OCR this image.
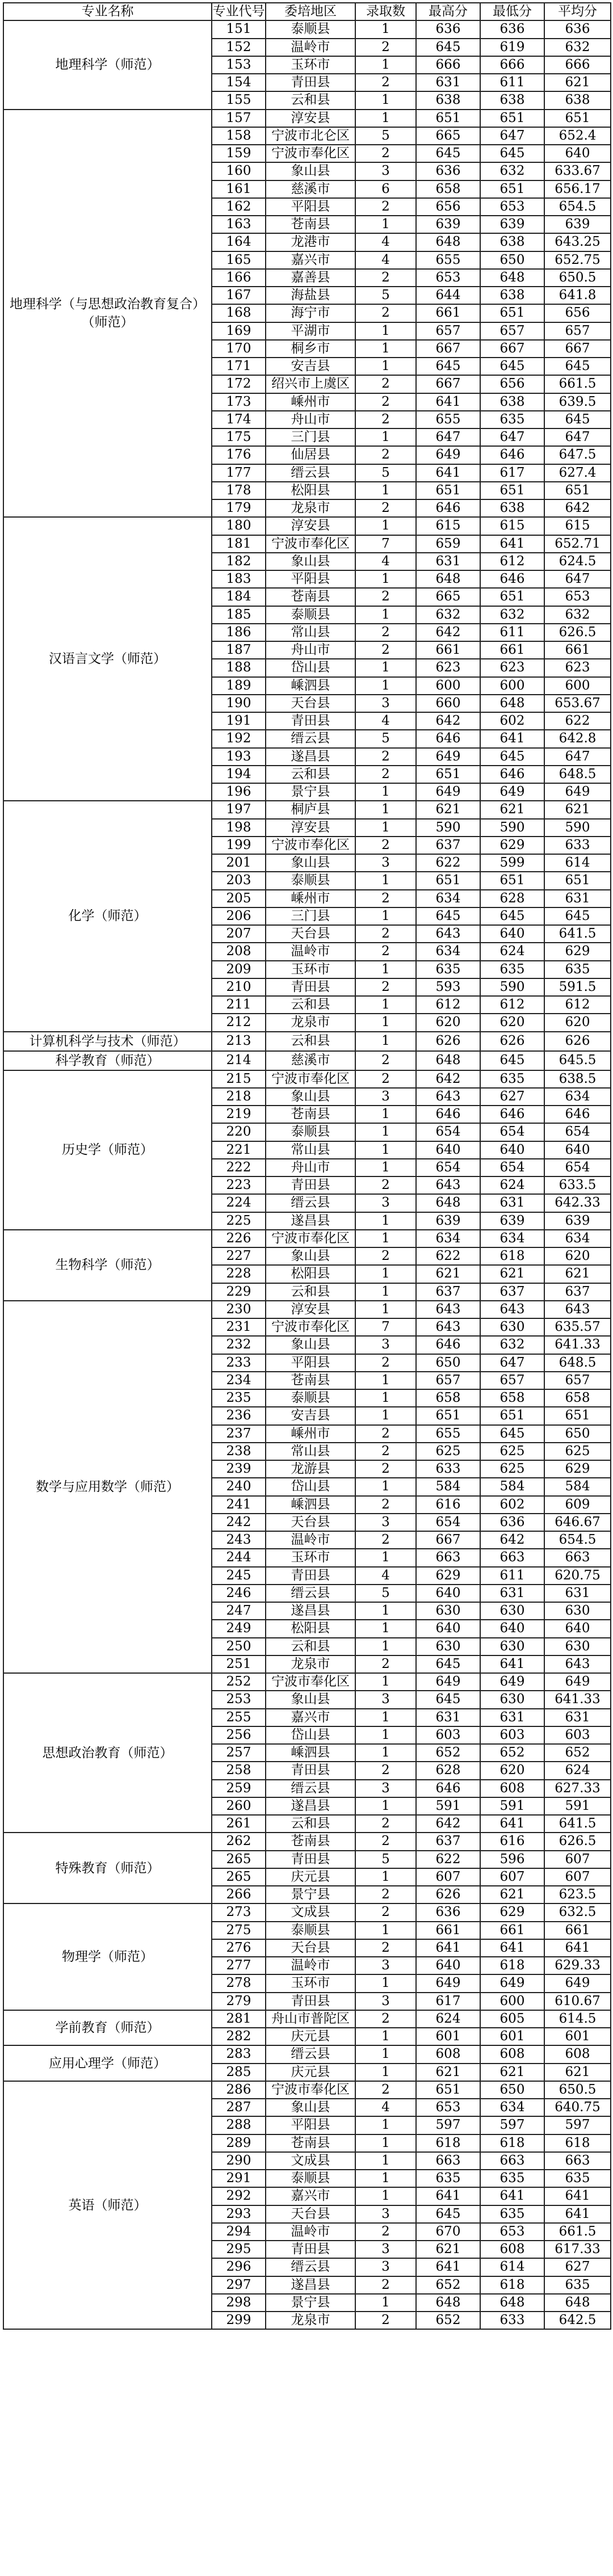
专业名称	专业代号	委培地区	录取数	最高分	最低分	平均分
地理科学（师范）	151	泰顺县	1	636	636	636
	152	温岭市	2	645	619	632
	153	玉环市	1	666	666	666
	154	青田县	2	631	611	621
	155	云和县	1	638	638	638
地理科学（与思想政治教育复合）（师范）	157	淳安县	1	651	651	651
	158	宁波市北仑区	5	665	647	652.4
	159	宁波市奉化区	2	645	645	640
	160	象山县	3	636	632	633.67
	161	慈溪市	6	658	651	656.17
	162	平阳县	2	656	653	654.5
	163	苍南县	1	639	639	639
	164	龙港市	4	648	638	643.25
	165	嘉兴市	4	655	650	652.75
	166	嘉善县	2	653	648	650.5
	167	海盐县	5	644	638	641.8
	168	海宁市	2	661	651	656
	169	平湖市	1	657	657	657
	170	桐乡市	1	667	667	667
	171	安吉县	1	645	645	645
	172	绍兴市上虞区	2	667	656	661.5
	173	嵊州市	2	641	638	639.5
	174	舟山市	2	655	635	645
	175	三门县	1	647	647	647
	176	仙居县	2	649	646	647.5
	177	缙云县	5	641	617	627.4
	178	松阳县	1	651	651	651
	179	龙泉市	2	646	638	642
汉语言文学（师范）	180	淳安县	1	615	615	615
	181	宁波市奉化区	7	659	641	652.71
	182	象山县	4	631	612	624.5
	183	平阳县	1	648	646	647
	184	苍南县	2	665	651	653
	185	泰顺县	1	632	632	632
	186	常山县	2	642	611	626.5
	187	舟山市	2	661	661	661
	188	岱山县	1	623	623	623
	189	嵊泗县	1	600	600	600
	190	天台县	3	660	648	653.67
	191	青田县	4	642	602	622
	192	缙云县	5	646	641	642.8
	193	遂昌县	2	649	645	647
	194	云和县	2	651	646	648.5
	196	景宁县	1	649	649	649
化学（师范）	197	桐庐县	1	621	621	621
	198	淳安县	1	590	590	590
	199	宁波市奉化区	2	637	629	633
	201	象山县	3	622	599	614
	203	泰顺县	1	651	651	651
	205	嵊州市	2	634	628	631
	206	三门县	1	645	645	645
	207	天台县	2	643	640	641.5
	208	温岭市	2	634	624	629
	209	玉环市	1	635	635	635
	210	青田县	2	593	590	591.5
	211	云和县	1	612	612	612
	212	龙泉市	1	620	620	620
计算机科学与技术（师范）	213	云和县	1	626	626	626
科学教育（师范）	214	慈溪市	2	648	645	645.5
历史学（师范）	215	宁波市奉化区	2	642	635	638.5
	218	象山县	3	643	627	634
	219	苍南县	1	646	646	646
	220	泰顺县	1	654	654	654
	221	常山县	1	640	640	640
	222	舟山市	1	654	654	654
	223	青田县	2	643	624	633.5
	224	缙云县	3	648	631	642.33
	225	遂昌县	1	639	639	639
生物科学（师范）	226	宁波市奉化区	1	634	634	634
	227	象山县	2	622	618	620
	228	松阳县	1	621	621	621
	229	云和县	1	637	637	637
数学与应用数学（师范）	230	淳安县	1	643	643	643
	231	宁波市奉化区	7	643	630	635.57
	232	象山县	3	646	632	641.33
	233	平阳县	2	650	647	648.5
	234	苍南县	1	657	657	657
	235	泰顺县	1	658	658	658
	236	安吉县	1	651	651	651
	237	嵊州市	2	655	645	650
	238	常山县	2	625	625	625
	239	龙游县	2	633	625	629
	240	岱山县	1	584	584	584
	241	嵊泗县	2	616	602	609
	242	天台县	3	654	636	646.67
	243	温岭市	2	667	642	654.5
	244	玉环市	1	663	663	663
	245	青田县	4	629	611	620.75
	246	缙云县	5	640	631	631
	247	遂昌县	1	630	630	630
	249	松阳县	1	640	640	640
	250	云和县	1	630	630	630
	251	龙泉市	2	645	641	643
思想政治教育（师范）	252	宁波市奉化区	1	649	649	649
	253	象山县	3	645	630	641.33
	255	嘉兴市	1	631	631	631
	256	岱山县	1	603	603	603
	257	嵊泗县	1	652	652	652
	258	青田县	2	628	620	624
	259	缙云县	3	646	608	627.33
	260	遂昌县	1	591	591	591
	261	云和县	2	642	641	641.5
特殊教育（师范）	262	苍南县	2	637	616	626.5
	265	青田县	5	622	596	607
	265	庆元县	1	607	607	607
	266	景宁县	2	626	621	623.5
物理学（师范）	273	文成县	2	636	629	632.5
	275	泰顺县	1	661	661	661
	276	天台县	2	641	641	641
	277	温岭市	3	640	618	629.33
	278	玉环市	1	649	649	649
	279	青田县	3	617	600	610.67
学前教育（师范）	281	舟山市普陀区	2	624	605	614.5
	282	庆元县	1	601	601	601
应用心理学（师范）	283	缙云县	1	608	608	608
	285	庆元县	1	621	621	621
英语（师范）	286	宁波市奉化区	2	651	650	650.5
	287	象山县	4	653	634	640.75
	288	平阳县	1	597	597	597
	289	苍南县	1	618	618	618
	290	文成县	1	663	663	663
	291	泰顺县	1	635	635	635
	292	嘉兴市	1	641	641	641
	293	天台县	3	645	635	641
	294	温岭市	2	670	653	661.5
	295	青田县	3	621	608	617.33
	296	缙云县	3	641	614	627
	297	遂昌县	2	652	618	635
	298	景宁县	1	648	648	648
	299	龙泉市	2	652	633	642.5
